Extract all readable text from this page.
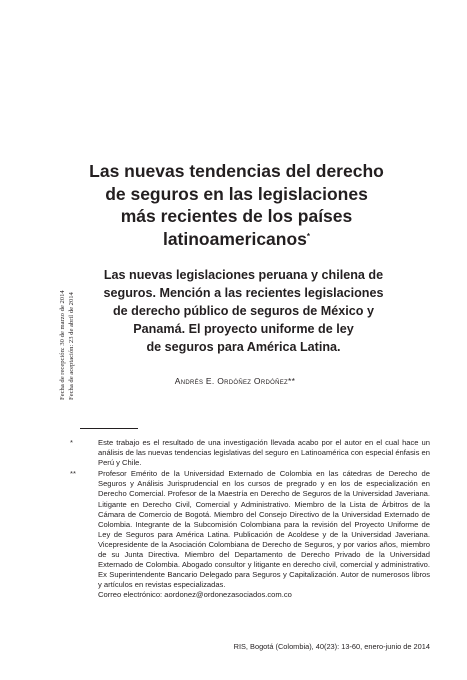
Fecha de recepción: 30 de marzo de 2014 Fecha de aceptación: 23 de abril de 2014
Las nuevas tendencias del derecho
de seguros en las legislaciones
más recientes de los países
latinoamericanos*
Las nuevas legislaciones peruana y chilena de
seguros. Mención a las recientes legislaciones
de derecho público de seguros de México y
Panamá. El proyecto uniforme de ley
de seguros para América Latina.
Andrés E. Ordóñez Ordóñez**
*	Este trabajo es el resultado de una investigación llevada acabo por el autor en el cual hace un análisis de las nuevas tendencias legislativas del seguro en Latinoamérica con especial énfasis en Perú y Chile.
**	Profesor Emérito de la Universidad Externado de Colombia en las cátedras de Derecho de Seguros y Análisis Jurisprudencial en los cursos de pregrado y en los de especialización en Derecho Comercial. Profesor de la Maestría en Derecho de Seguros de la Universidad Javeriana. Litigante en Derecho Civil, Comercial y Administrativo. Miembro de la Lista de Árbitros de la Cámara de Comercio de Bogotá. Miembro del Consejo Directivo de la Universidad Externado de Colombia. Integrante de la Subcomisión Colombiana para la revisión del Proyecto Uniforme de Ley de Seguros para América Latina. Publicación de Acoldese y de la Universidad Javeriana. Vicepresidente de la Asociación Colombiana de Derecho de Seguros, y por varios años, miembro de su Junta Directiva. Miembro del Departamento de Derecho Privado de la Universidad Externado de Colombia. Abogado consultor y litigante en derecho civil, comercial y administrativo. Ex Superintendente Bancario Delegado para Seguros y Capitalización. Autor de numerosos libros y artículos en revistas especializadas.
Correo electrónico: aordonez@ordonezasociados.com.co
RIS, Bogotá (Colombia), 40(23): 13-60, enero-junio de 2014
